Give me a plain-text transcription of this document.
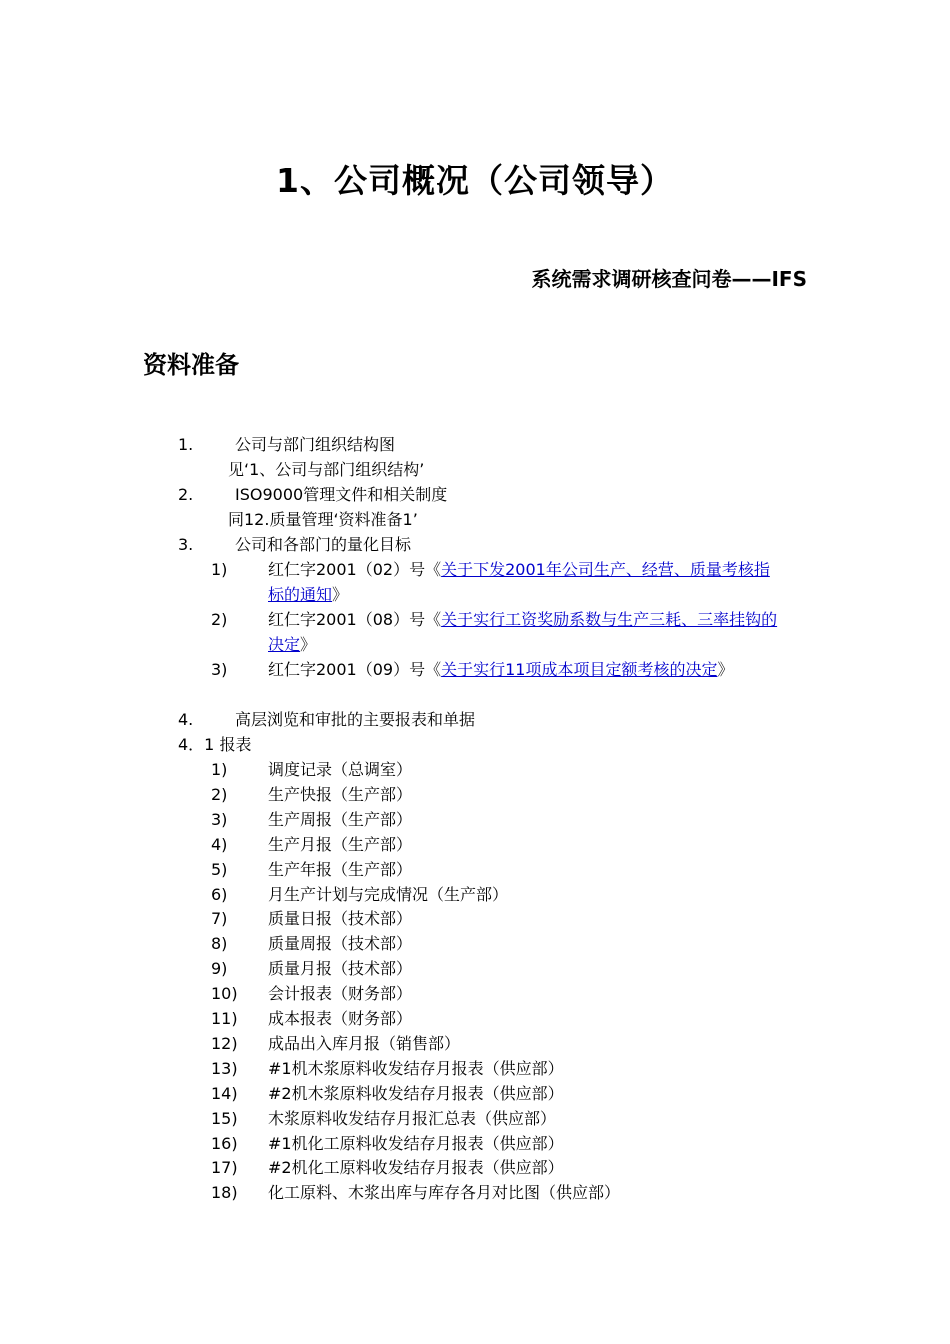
1、公司概况（公司领导）
系统需求调研核查问卷——IFS
资料准备
1.	公司与部门组织结构图
见‘1、公司与部门组织结构’
2.	ISO9000管理文件和相关制度
同12.质量管理‘资料准备1’
3.	公司和各部门的量化目标
1)	红仁字2001（02）号《关于下发2001年公司生产、经营、质量考核指
标的通知》
2)	红仁字2001（08）号《关于实行工资奖励系数与生产三耗、三率挂钩的
决定》
3)	红仁字2001（09）号《关于实行11项成本项目定额考核的决定》
4.	高层浏览和审批的主要报表和单据
4．1 报表
1)	调度记录（总调室）
2)	生产快报（生产部）
3)	生产周报（生产部）
4)	生产月报（生产部）
5)	生产年报（生产部）
6)	月生产计划与完成情况（生产部）
7)	质量日报（技术部）
8)	质量周报（技术部）
9)	质量月报（技术部）
10) 会计报表（财务部）
11) 成本报表（财务部）
12) 成品出入库月报（销售部）
13) #1机木浆原料收发结存月报表（供应部）
14) #2机木浆原料收发结存月报表（供应部）
15) 木浆原料收发结存月报汇总表（供应部）
16) #1机化工原料收发结存月报表（供应部）
17) #2机化工原料收发结存月报表（供应部）
18) 化工原料、木浆出库与库存各月对比图（供应部）
